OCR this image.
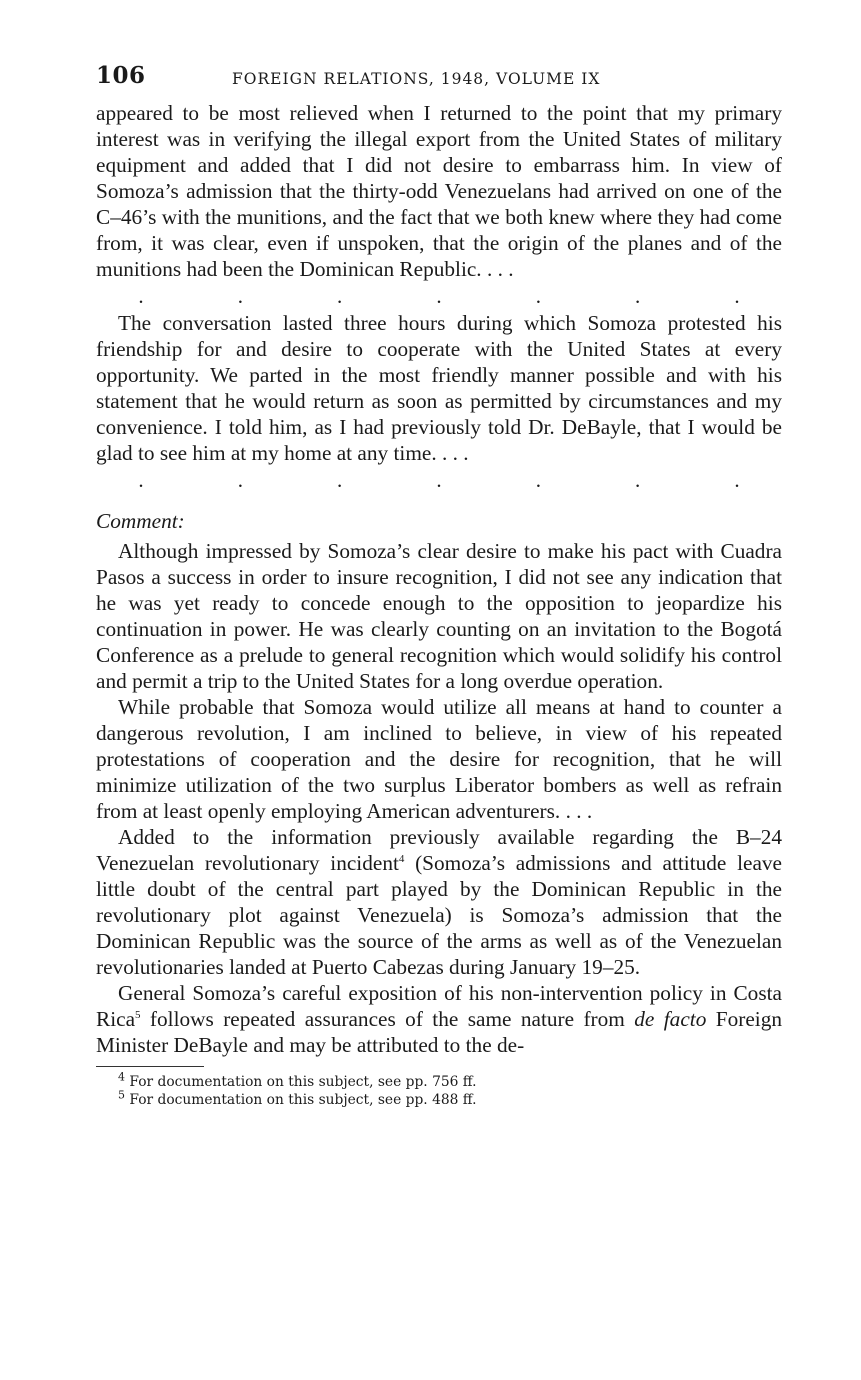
106	FOREIGN RELATIONS, 1948, VOLUME IX

appeared to be most relieved when I returned to the point that my primary interest was in verifying the illegal export from the United States of military equipment and added that I did not desire to embarrass him. In view of Somoza’s admission that the thirty-odd Venezuelans had arrived on one of the C–46’s with the munitions, and the fact that we both knew where they had come from, it was clear, even if unspoken, that the origin of the planes and of the munitions had been the Dominican Republic. . . .

.	.	.	.	.	.	.

The conversation lasted three hours during which Somoza protested his friendship for and desire to cooperate with the United States at every opportunity. We parted in the most friendly manner possible and with his statement that he would return as soon as permitted by circumstances and my convenience. I told him, as I had previously told Dr. DeBayle, that I would be glad to see him at my home at any time. . . .

.	.	.	.	.	.	.

Comment:

Although impressed by Somoza’s clear desire to make his pact with Cuadra Pasos a success in order to insure recognition, I did not see any indication that he was yet ready to concede enough to the opposition to jeopardize his continuation in power. He was clearly counting on an invitation to the Bogotá Conference as a prelude to general recognition which would solidify his control and permit a trip to the United States for a long overdue operation.

While probable that Somoza would utilize all means at hand to counter a dangerous revolution, I am inclined to believe, in view of his repeated protestations of cooperation and the desire for recognition, that he will minimize utilization of the two surplus Liberator bombers as well as refrain from at least openly employing American adventurers. . . .

Added to the information previously available regarding the B–24 Venezuelan revolutionary incident$^4$ (Somoza’s admissions and attitude leave little doubt of the central part played by the Dominican Republic in the revolutionary plot against Venezuela) is Somoza’s admission that the Dominican Republic was the source of the arms as well as of the Venezuelan revolutionaries landed at Puerto Cabezas during January 19–25.

General Somoza’s careful exposition of his non-intervention policy in Costa Rica$^5$ follows repeated assurances of the same nature from de facto Foreign Minister DeBayle and may be attributed to the de-

$^4$ For documentation on this subject, see pp. 756 ff.

$^5$ For documentation on this subject, see pp. 488 ff.
